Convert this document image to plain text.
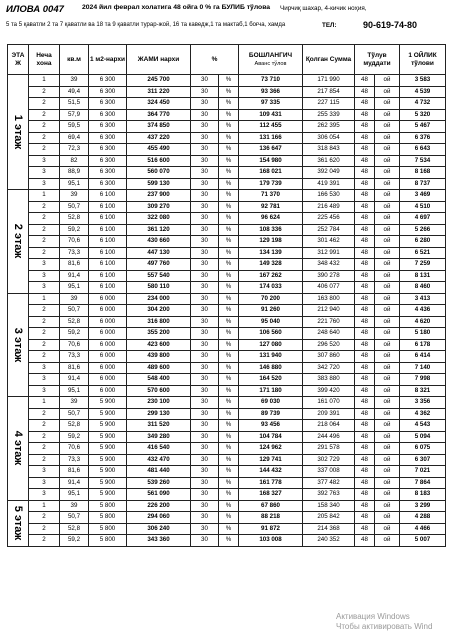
ИЛОВА 0047	2024 йил феврал холатига 48 ойга 0 % га БУЛИБ тўлова Чирчиқ шахар, 4-кичик ноҳия,
5 та 5 қаватли 2 та 7 қаватли ва 18 та 9 қаватли турар-жой, 16 та каведж,1 та мактаб,1 боғча, хамда	ТЕЛ:	90-619-74-80
ЭТА Ж	Неча хона	кв.м	1 м2-нархи	ЖАМИ нархи	%		БОШЛАНГИЧ
Аванс тўлов	Қолган Сумма	Тўлув муддати		1 ОЙЛИК тўлови

1 этаж	1	39	6 300	245 700	30	%	73 710	171 990	48	ой	3 583
	2	49,4	6 300	311 220	30	%	93 366	217 854	48	ой	4 539
	2	51,5	6 300	324 450	30	%	97 335	227 115	48	ой	4 732
	2	57,9	6 300	364 770	30	%	109 431	255 339	48	ой	5 320
	2	59,5	6 300	374 850	30	%	112 455	262 395	48	ой	5 467
	2	69,4	6 300	437 220	30	%	131 166	306 054	48	ой	6 376
	2	72,3	6 300	455 490	30	%	136 647	318 843	48	ой	6 643
	3	82	6 300	516 600	30	%	154 980	361 620	48	ой	7 534
	3	88,9	6 300	560 070	30	%	168 021	392 049	48	ой	8 168
	3	95,1	6 300	599 130	30	%	179 739	419 391	48	ой	8 737

2 этаж	1	39	6 100	237 900	30	%	71 370	166 530	48	ой	3 469
	2	50,7	6 100	309 270	30	%	92 781	216 489	48	ой	4 510
	2	52,8	6 100	322 080	30	%	96 624	225 456	48	ой	4 697
	2	59,2	6 100	361 120	30	%	108 336	252 784	48	ой	5 266
	2	70,6	6 100	430 660	30	%	129 198	301 462	48	ой	6 280
	2	73,3	6 100	447 130	30	%	134 139	312 991	48	ой	6 521
	3	81,6	6 100	497 760	30	%	149 328	348 432	48	ой	7 259
	3	91,4	6 100	557 540	30	%	167 262	390 278	48	ой	8 131
	3	95,1	6 100	580 110	30	%	174 033	406 077	48	ой	8 460

3 этаж	1	39	6 000	234 000	30	%	70 200	163 800	48	ой	3 413
	2	50,7	6 000	304 200	30	%	91 260	212 940	48	ой	4 436
	2	52,8	6 000	316 800	30	%	95 040	221 760	48	ой	4 620
	2	59,2	6 000	355 200	30	%	106 560	248 640	48	ой	5 180
	2	70,6	6 000	423 600	30	%	127 080	296 520	48	ой	6 178
	2	73,3	6 000	439 800	30	%	131 940	307 860	48	ой	6 414
	3	81,6	6 000	489 600	30	%	146 880	342 720	48	ой	7 140
	3	91,4	6 000	548 400	30	%	164 520	383 880	48	ой	7 998
	3	95,1	6 000	570 600	30	%	171 180	399 420	48	ой	8 321

4 этаж	1	39	5 900	230 100	30	%	69 030	161 070	48	ой	3 356
	2	50,7	5 900	299 130	30	%	89 739	209 391	48	ой	4 362
	2	52,8	5 900	311 520	30	%	93 456	218 064	48	ой	4 543
	2	59,2	5 900	349 280	30	%	104 784	244 496	48	ой	5 094
	2	70,6	5 900	416 540	30	%	124 962	291 578	48	ой	6 075
	2	73,3	5 900	432 470	30	%	129 741	302 729	48	ой	6 307
	3	81,6	5 900	481 440	30	%	144 432	337 008	48	ой	7 021
	3	91,4	5 900	539 260	30	%	161 778	377 482	48	ой	7 864
	3	95,1	5 900	561 090	30	%	168 327	392 763	48	ой	8 183

5 этаж	1	39	5 800	226 200	30	%	67 860	158 340	48	ой	3 299
	2	50,7	5 800	294 060	30	%	88 218	205 842	48	ой	4 288
	2	52,8	5 800	306 240	30	%	91 872	214 368	48	ой	4 466
	2	59,2	5 800	343 360	30	%	103 008	240 352	48	ой	5 007
Активация Windows
Чтобы активировать Wind
